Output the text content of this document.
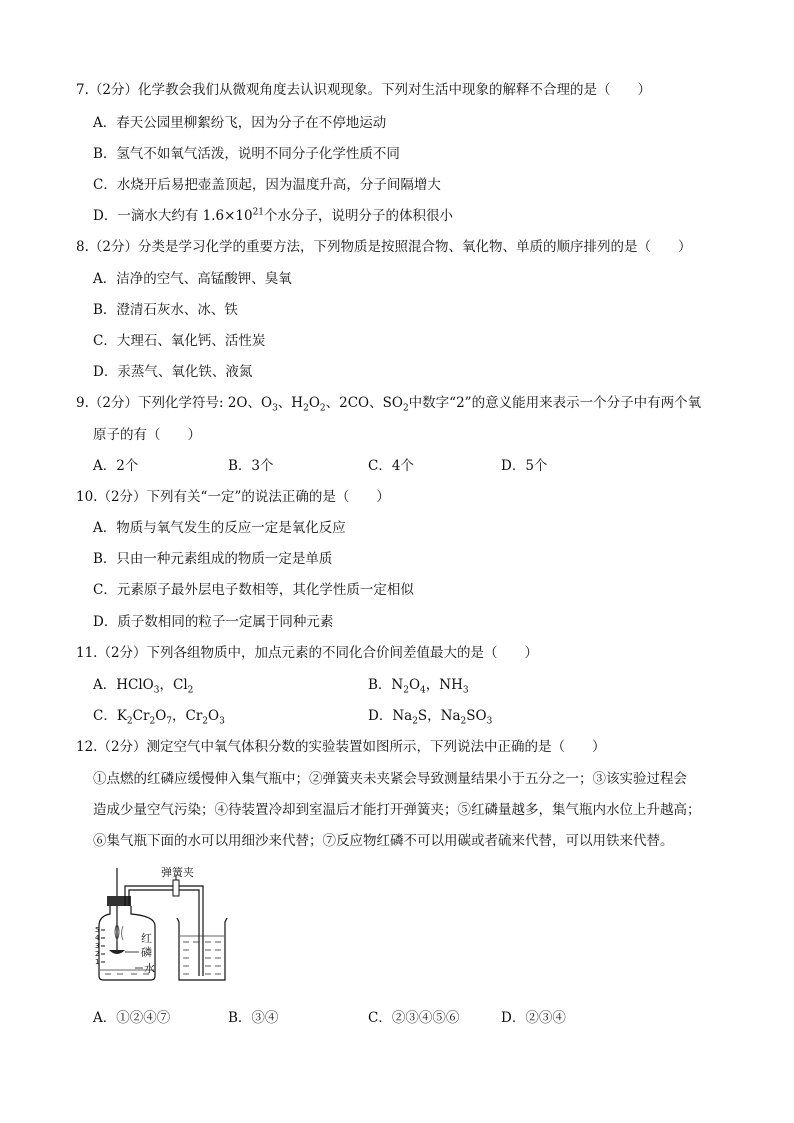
7.（2分）化学教会我们从微观角度去认识观现象。下列对生活中现象的解释不合理的是（　　）
A．春天公园里柳絮纷飞，因为分子在不停地运动
B．氢气不如氧气活泼，说明不同分子化学性质不同
C．水烧开后易把壶盖顶起，因为温度升高，分子间隔增大
D．一滴水大约有 $1.6\times 10^{21}$个水分子，说明分子的体积很小
8.（2分）分类是学习化学的重要方法，下列物质是按照混合物、氧化物、单质的顺序排列的是（　　）
A．洁净的空气、高锰酸钾、臭氧
B．澄清石灰水、冰、铁
C．大理石、氧化钙、活性炭
D．汞蒸气、氧化铁、液氮
9.（2分）下列化学符号: 2O、$O_3$、$H_2O_2$、2CO、$SO_2$中数字“2”的意义能用来表示一个分子中有两个氧
原子的有（　　）
A．2个	B．3个	C．4个	D．5个
10.（2分）下列有关“一定”的说法正确的是（　　）
A．物质与氧气发生的反应一定是氧化反应
B．只由一种元素组成的物质一定是单质
C．元素原子最外层电子数相等，其化学性质一定相似
D．质子数相同的粒子一定属于同种元素
11.（2分）下列各组物质中，加点元素的不同化合价间差值最大的是（　　）
A．HClO$_3$，$Cl_2$	B．$N_2O_4$，$NH_3$
C．$K_2Cr_2O_7$，$Cr_2O_3$	D．$Na_2S$，$Na_2SO_3$
12.（2分）测定空气中氧气体积分数的实验装置如图所示，下列说法中正确的是（　　）
①点燃的红磷应缓慢伸入集气瓶中；②弹簧夹未夹紧会导致测量结果小于五分之一；③该实验过程会
造成少量空气污染；④待装置冷却到室温后才能打开弹簧夹；⑤红磷量越多，集气瓶内水位上升越高；
⑥集气瓶下面的水可以用细沙来代替；⑦反应物红磷不可以用碳或者硫来代替，可以用铁来代替。
弹簧夹
5
4
3
2
1
红
磷
水
A．①②④⑦	B．③④	C．②③④⑤⑥	D．②③④
